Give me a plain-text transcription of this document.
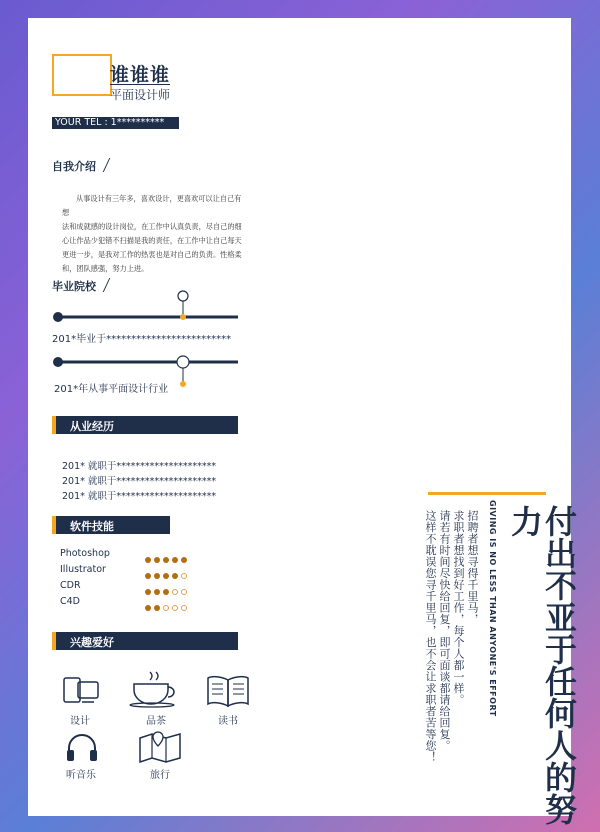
谁谁谁
平面设计师
YOUR TEL : 1**********
自我介绍
从事设计有三年多，喜欢设计，更喜欢可以让自己有想
法和成就感的设计岗位，在工作中认真负责，尽自己的细
心让作品少犯错不扫描是我的责任，在工作中让自己每天
更进一步，是我对工作的热衷也是对自己的负责。性格柔
和，团队感强，努力上进。
毕业院校
201*毕业于*************************
201*年从事平面设计行业
从业经历
201* 就职于*********************
201* 就职于*********************
201* 就职于*********************
软件技能
Photoshop
Illustrator
CDR
C4D
兴趣爱好
设计	品茶	读书
听音乐	旅行
招聘者想寻得千里马，
求职者想找到好工作，每个人都一样。
请若有时间尽快给回复，即可面谈都请给回复。
这样不耽误您寻千里马，也不会让求职者苦等您！	GIVING IS NO LESS THAN ANYONE'S EFFORT	付出不亚于任何人的努力
